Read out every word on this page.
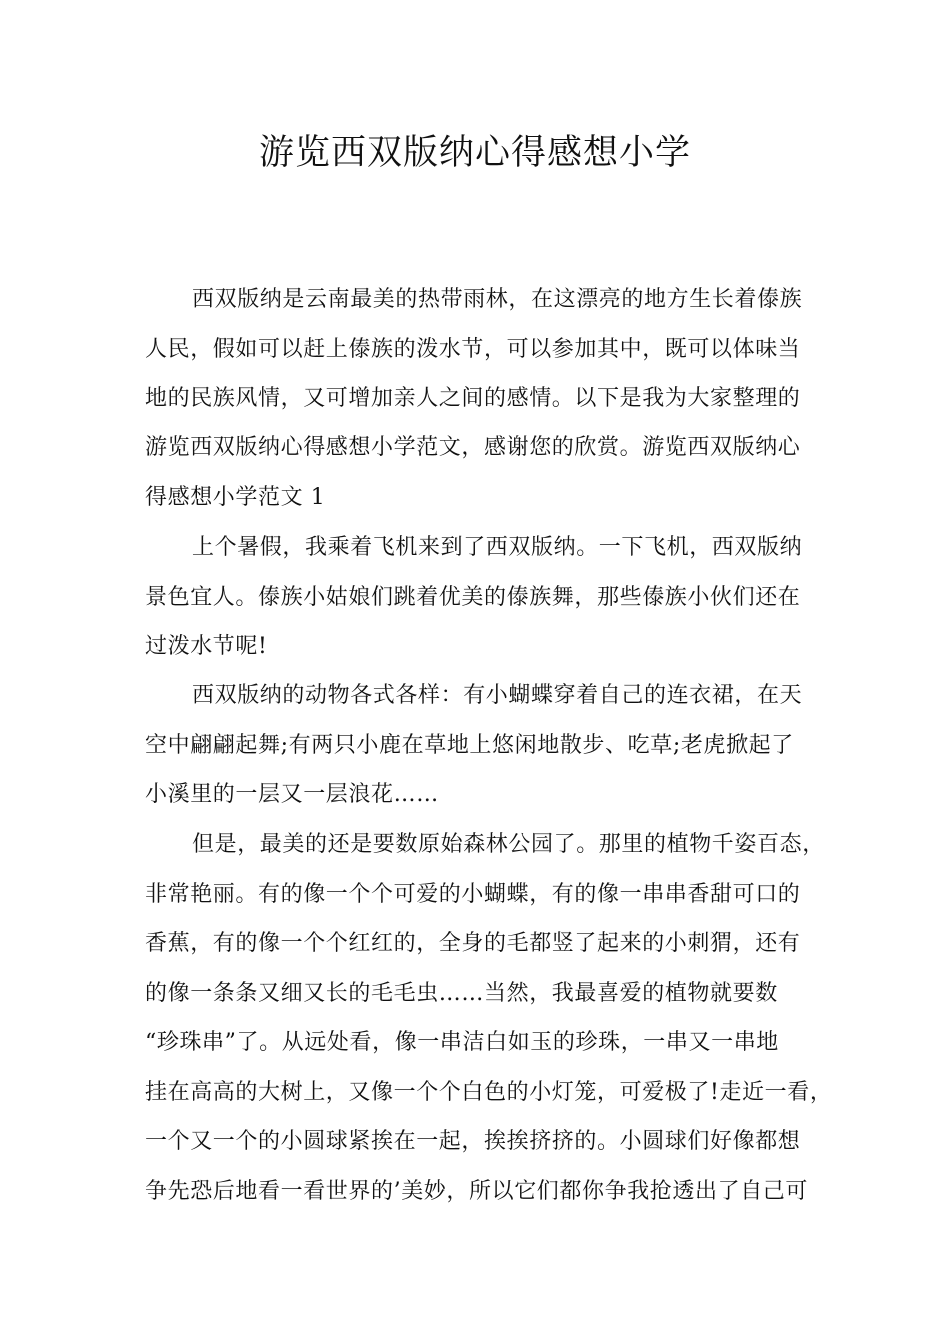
游览西双版纳心得感想小学
西双版纳是云南最美的热带雨林，在这漂亮的地方生长着傣族
人民，假如可以赶上傣族的泼水节，可以参加其中，既可以体味当
地的民族风情，又可增加亲人之间的感情。以下是我为大家整理的
游览西双版纳心得感想小学范文，感谢您的欣赏。游览西双版纳心
得感想小学范文 1
上个暑假，我乘着飞机来到了西双版纳。一下飞机，西双版纳
景色宜人。傣族小姑娘们跳着优美的傣族舞，那些傣族小伙们还在
过泼水节呢!
西双版纳的动物各式各样：有小蝴蝶穿着自己的连衣裙，在天
空中翩翩起舞;有两只小鹿在草地上悠闲地散步、吃草;老虎掀起了
小溪里的一层又一层浪花……
但是，最美的还是要数原始森林公园了。那里的植物千姿百态，
非常艳丽。有的像一个个可爱的小蝴蝶，有的像一串串香甜可口的
香蕉，有的像一个个红红的，全身的毛都竖了起来的小刺猬，还有
的像一条条又细又长的毛毛虫……当然，我最喜爱的植物就要数
“珍珠串”了。从远处看，像一串洁白如玉的珍珠，一串又一串地
挂在高高的大树上，又像一个个白色的小灯笼，可爱极了!走近一看，
一个又一个的小圆球紧挨在一起，挨挨挤挤的。小圆球们好像都想
争先恐后地看一看世界的’美妙，所以它们都你争我抢透出了自己可
